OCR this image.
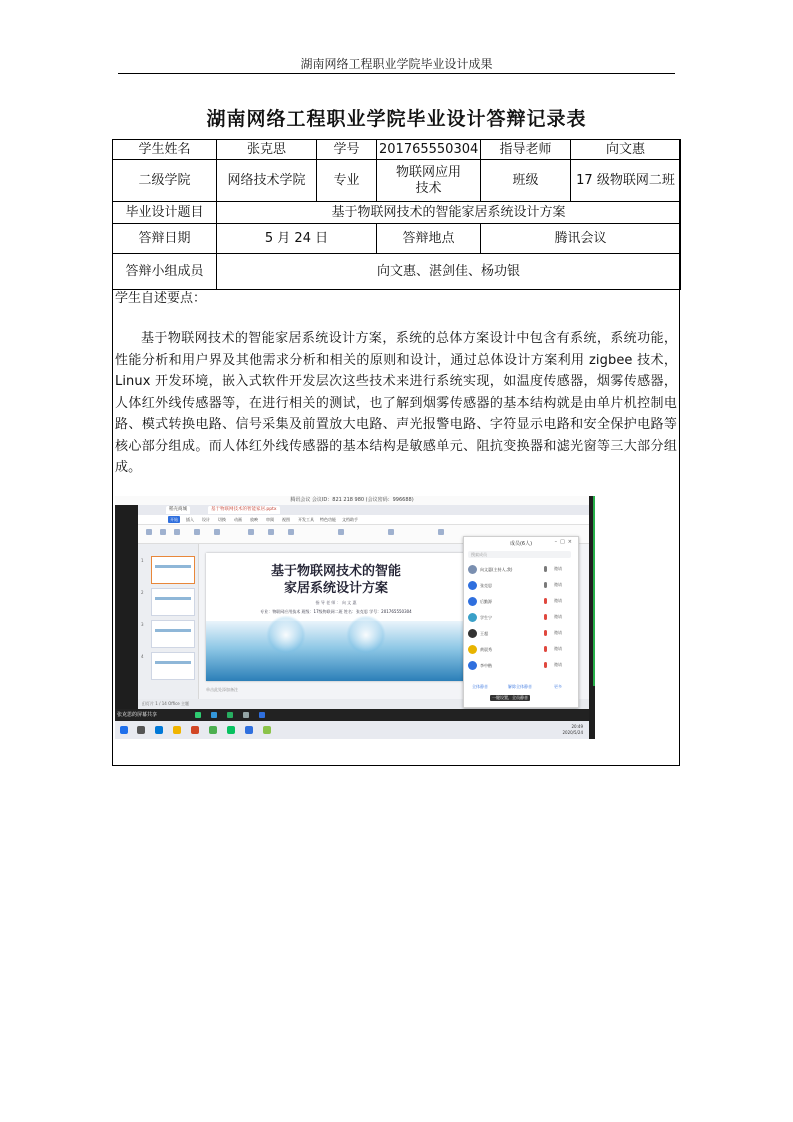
湖南网络工程职业学院毕业设计成果
湖南网络工程职业学院毕业设计答辩记录表
学生姓名	张克思	学号	201765550304	指导老师	向文惠
二级学院	网络技术学院	专业	物联网应用技术	班级	17 级物联网二班
毕业设计题目	基于物联网技术的智能家居系统设计方案				
答辩日期	5 月 24 日		答辩地点	腾讯会议	
答辩小组成员	向文惠、湛剑佳、杨功银				
学生自述要点：
基于物联网技术的智能家居系统设计方案，系统的总体方案设计中包含有系统，系统功能，性能分析和用户界及其他需求分析和相关的原则和设计，通过总体设计方案利用 zigbee 技术，Linux 开发环境，嵌入式软件开发层次这些技术来进行系统实现，如温度传感器，烟雾传感器，人体红外线传感器等，在进行相关的测试，也了解到烟雾传感器的基本结构就是由单片机控制电路、模式转换电路、信号采集及前置放大电路、声光报警电路、字符显示电路和安全保护电路等核心部分组成。而人体红外线传感器的基本结构是敏感单元、阻抗变换器和滤光窗等三大部分组成。
腾讯会议 会议ID：821 218 980 (会议密码：996688)
稻壳商城	基于物联网技术的智能家居.pptx
开始	插入 设计 切换 动画 放映 审阅 视图 开发工具 特色功能 文档助手
1
2
3
4
基于物联网技术的智能
家居系统设计方案
指 导 老 师 ： 向 文 惠
专业：物联网应用技术 班级：17级物联网二班 姓名：张克思 学号：201765550304
单击此处添加备注
幻灯片 1 / 14 Office 主题
成员(6人)	–□×
搜索成员
向文惠(主持人,我)	邀请
张克思	邀请
后勤源	邀请
学生宁	邀请
王超	邀请
黄晨秀	邀请
李中楷	邀请
全体静音	解除全体静音	更多
一键设置，全员静音
张克思的屏幕共享
20:49
2020/5/24
